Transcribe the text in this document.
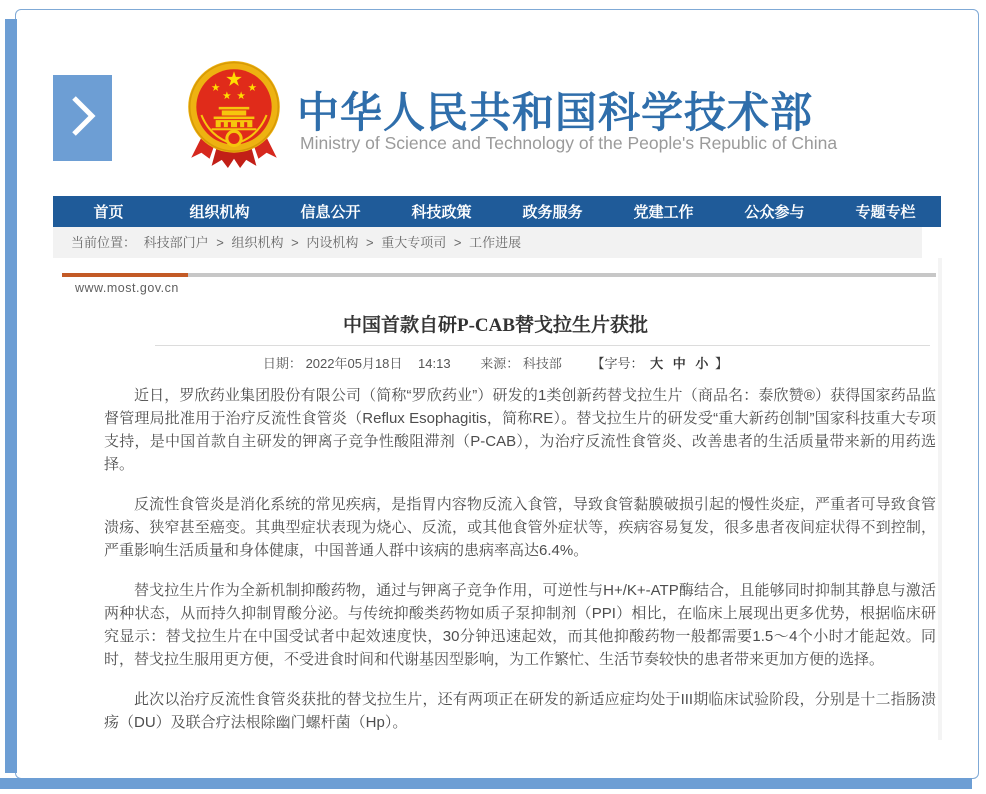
中华人民共和国科学技术部
Ministry of Science and Technology of the People's Republic of China
首页	组织机构	信息公开	科技政策	政务服务	党建工作	公众参与	专题专栏
当前位置： 科技部门户 > 组织机构 > 内设机构 > 重大专项司 > 工作进展
www.most.gov.cn
中国首款自研P-CAB替戈拉生片获批
日期： 2022年05月18日 14:13 来源： 科技部 【字号： 大 中 小 】

近日，罗欣药业集团股份有限公司（简称“罗欣药业”）研发的1类创新药替戈拉生片（商品名：泰欣赞®）获得国家药品监督管理局批准用于治疗反流性食管炎（Reflux Esophagitis，简称RE）。替戈拉生片的研发受“重大新药创制”国家科技重大专项支持，是中国首款自主研发的钾离子竞争性酸阻滞剂（P-CAB），为治疗反流性食管炎、改善患者的生活质量带来新的用药选择。

反流性食管炎是消化系统的常见疾病，是指胃内容物反流入食管，导致食管黏膜破损引起的慢性炎症，严重者可导致食管溃疡、狭窄甚至癌变。其典型症状表现为烧心、反流，或其他食管外症状等，疾病容易复发，很多患者夜间症状得不到控制，严重影响生活质量和身体健康，中国普通人群中该病的患病率高达6.4%。

替戈拉生片作为全新机制抑酸药物，通过与钾离子竞争作用，可逆性与H+/K+-ATP酶结合，且能够同时抑制其静息与激活两种状态，从而持久抑制胃酸分泌。与传统抑酸类药物如质子泵抑制剂（PPI）相比，在临床上展现出更多优势，根据临床研究显示：替戈拉生片在中国受试者中起效速度快，30分钟迅速起效，而其他抑酸药物一般都需要1.5～4个小时才能起效。同时，替戈拉生服用更方便，不受进食时间和代谢基因型影响，为工作繁忙、生活节奏较快的患者带来更加方便的选择。

此次以治疗反流性食管炎获批的替戈拉生片，还有两项正在研发的新适应症均处于III期临床试验阶段，分别是十二指肠溃疡（DU）及联合疗法根除幽门螺杆菌（Hp）。
